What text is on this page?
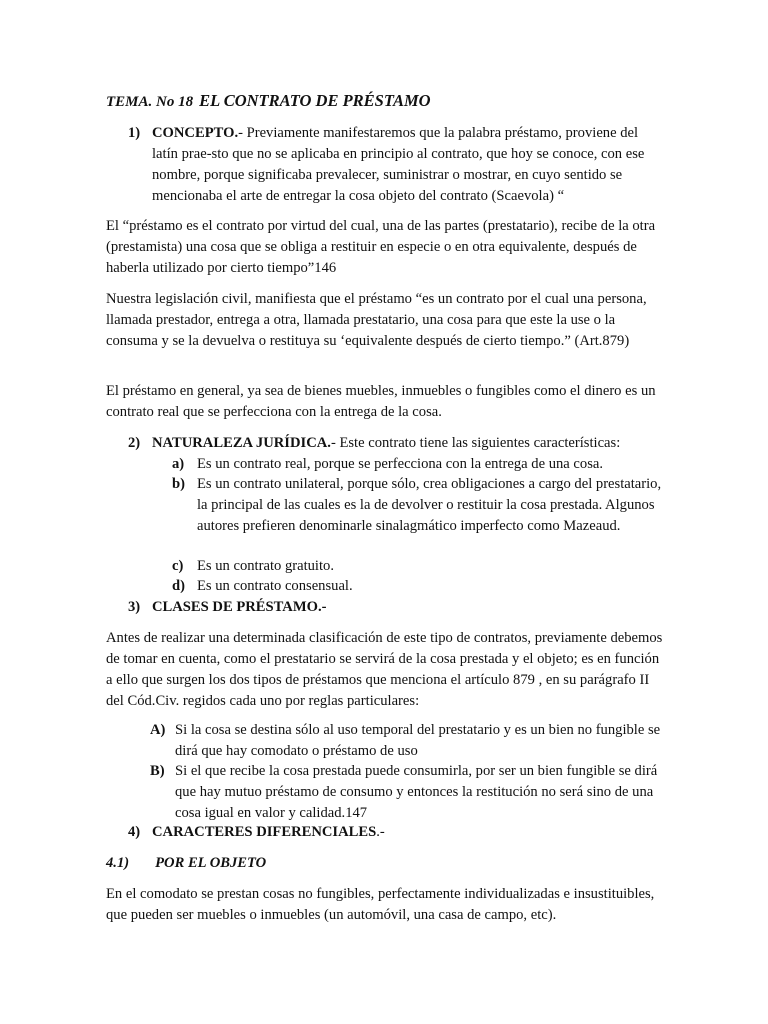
TEMA. No 18 EL CONTRATO DE PRÉSTAMO

1) CONCEPTO.- Previamente manifestaremos que la palabra préstamo, proviene del latín prae-sto que no se aplicaba en principio al contrato, que hoy se conoce, con ese nombre, porque significaba prevalecer, suministrar o mostrar, en cuyo sentido se mencionaba el arte de entregar la cosa objeto del contrato (Scaevola) “

El “préstamo es el contrato por virtud del cual, una de las partes (prestatario), recibe de la otra (prestamista) una cosa que se obliga a restituir en especie o en otra equivalente, después de haberla utilizado por cierto tiempo”146

Nuestra legislación civil, manifiesta que el préstamo “es un contrato por el cual una persona, llamada prestador, entrega a otra, llamada prestatario, una cosa para que este la use o la consuma y se la devuelva o restituya su ‘equivalente después de cierto tiempo.” (Art.879)

El préstamo en general, ya sea de bienes muebles, inmuebles o fungibles como el dinero es un contrato real que se perfecciona con la entrega de la cosa.

2) NATURALEZA JURÍDICA.- Este contrato tiene las siguientes características:
a) Es un contrato real, porque se perfecciona con la entrega de una cosa.
b) Es un contrato unilateral, porque sólo, crea obligaciones a cargo del prestatario, la principal de las cuales es la de devolver o restituir la cosa prestada. Algunos autores prefieren denominarle sinalagmático imperfecto como Mazeaud.
c) Es un contrato gratuito.
d) Es un contrato consensual.
3) CLASES DE PRÉSTAMO.-

Antes de realizar una determinada clasificación de este tipo de contratos, previamente debemos de tomar en cuenta, como el prestatario se servirá de la cosa prestada y el objeto; es en función a ello que surgen los dos tipos de préstamos que menciona el artículo 879 , en su parágrafo II del Cód.Civ. regidos cada uno por reglas particulares:

A) Si la cosa se destina sólo al uso temporal del prestatario y es un bien no fungible se dirá que hay comodato o préstamo de uso
B) Si el que recibe la cosa prestada puede consumirla, por ser un bien fungible se dirá que hay mutuo préstamo de consumo y entonces la restitución no será sino de una cosa igual en valor y calidad.147
4) CARACTERES DIFERENCIALES.-

4.1) POR EL OBJETO

En el comodato se prestan cosas no fungibles, perfectamente individualizadas e insustituibles, que pueden ser muebles o inmuebles (un automóvil, una casa de campo, etc).
